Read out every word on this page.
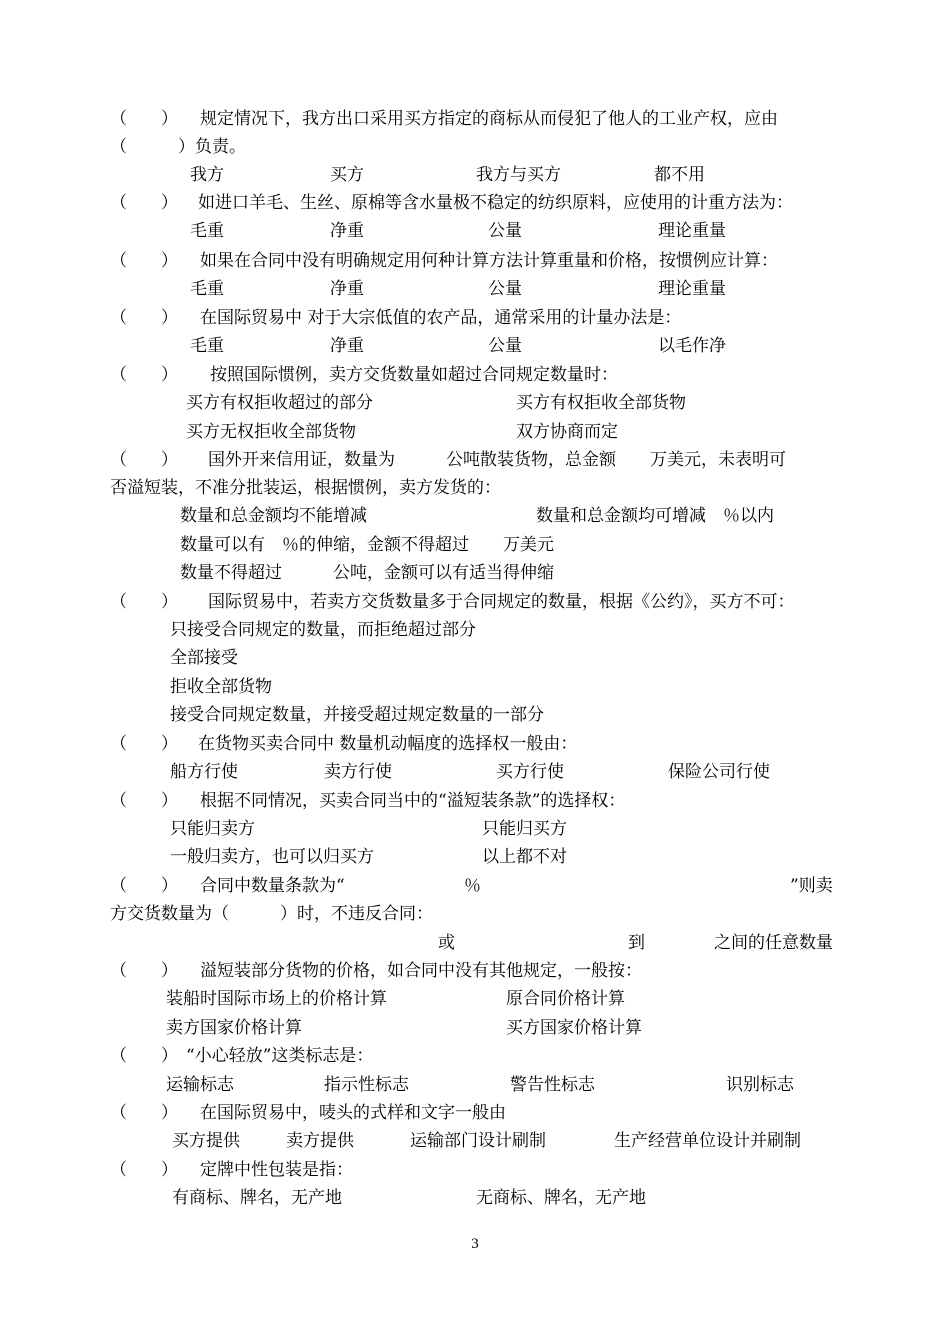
（　　） 规定情况下，我方出口采用买方指定的商标从而侵犯了他人的工业产权，应由
（　　　）负责。
我方	买方	我方与买方	都不用
（　　） 如进口羊毛、生丝、原棉等含水量极不稳定的纺织原料，应使用的计重方法为：
毛重	净重	公量	理论重量
（　　） 如果在合同中没有明确规定用何种计算方法计算重量和价格，按惯例应计算：
毛重	净重	公量	理论重量
（　　） 在国际贸易中 对于大宗低值的农产品，通常采用的计量办法是：
毛重	净重	公量	以毛作净
（　　） 按照国际惯例，卖方交货数量如超过合同规定数量时：
买方有权拒收超过的部分	买方有权拒收全部货物
买方无权拒收全部货物	双方协商而定
（　　） 国外开来信用证，数量为　　　公吨散装货物，总金额　　万美元，未表明可
否溢短装，不准分批装运，根据惯例，卖方发货的：
数量和总金额均不能增减	数量和总金额均可增减　％以内
数量可以有　％的伸缩，金额不得超过　　万美元
数量不得超过　　　公吨，金额可以有适当得伸缩
（　　） 国际贸易中，若卖方交货数量多于合同规定的数量，根据《公约》，买方不可：
只接受合同规定的数量，而拒绝超过部分
全部接受
拒收全部货物
接受合同规定数量，并接受超过规定数量的一部分
（　　） 在货物买卖合同中 数量机动幅度的选择权一般由：
船方行使	卖方行使	买方行使	保险公司行使
（　　） 根据不同情况，买卖合同当中的“溢短装条款”的选择权：
只能归卖方	只能归买方
一般归卖方，也可以归买方	以上都不对
（　　） 合同中数量条款为“	％	”则卖
方交货数量为（　　　）时，不违反合同：
或	到	之间的任意数量
（　　） 溢短装部分货物的价格，如合同中没有其他规定，一般按：
装船时国际市场上的价格计算	原合同价格计算
卖方国家价格计算	买方国家价格计算
（　　） “小心轻放”这类标志是：
运输标志	指示性标志	警告性标志	识别标志
（　　） 在国际贸易中，唛头的式样和文字一般由
买方提供	卖方提供	运输部门设计刷制	生产经营单位设计并刷制
（　　） 定牌中性包装是指：
有商标、牌名，无产地	无商标、牌名，无产地
3
